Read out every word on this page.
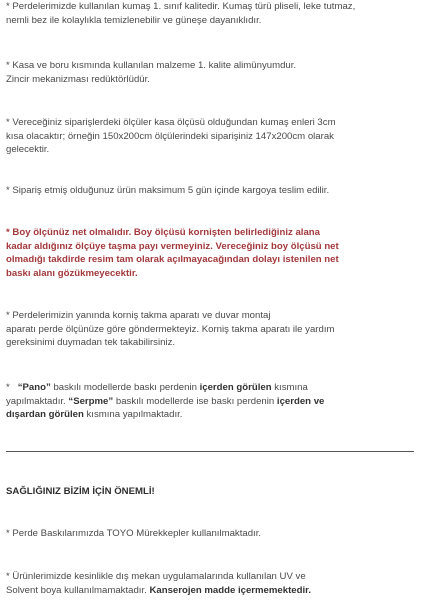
* Perdelerimizde kullanılan kumaş 1. sınıf kalitedir. Kumaş türü pliseli, leke tutmaz,
nemli bez ile kolaylıkla temizlenebilir ve güneşe dayanıklıdır.

* Kasa ve boru kısmında kullanılan malzeme 1. kalite alimünyumdur.
Zincir mekanizması redüktörlüdür.

* Vereceğiniz siparişlerdeki ölçüler kasa ölçüsü olduğundan kumaş enleri 3cm
kısa olacaktır; örneğin 150x200cm ölçülerindeki siparişiniz 147x200cm olarak
gelecektir.

* Sipariş etmiş olduğunuz ürün maksimum 5 gün içinde kargoya teslim edilir.

* Boy ölçünüz net olmalıdır. Boy ölçüsü kornişten belirlediğiniz alana
kadar aldığınız ölçüye taşma payı vermeyiniz. Vereceğiniz boy ölçüsü net
olmadığı takdirde resim tam olarak açılmayacağından dolayı istenilen net
baskı alanı gözükmeyecektir.

* Perdelerimizin yanında korniş takma aparatı ve duvar montaj
aparatı perde ölçünüze göre göndermekteyiz. Korniş takma aparatı ile yardım
gereksinimi duymadan tek takabilirsiniz.

* “Pano” baskılı modellerde baskı perdenin içerden görülen kısmına
yapılmaktadır. “Serpme” baskılı modellerde ise baskı perdenin içerden ve
dışardan görülen kısmına yapılmaktadır.

SAĞLIĞINIZ BİZİM İÇİN ÖNEMLİ!

* Perde Baskılarımızda TOYO Mürekkepler kullanılmaktadır.

* Ürünlerimizde kesinlikle dış mekan uygulamalarında kullanılan UV ve
Solvent boya kullanılmamaktadır. Kanserojen madde içermemektedir.
